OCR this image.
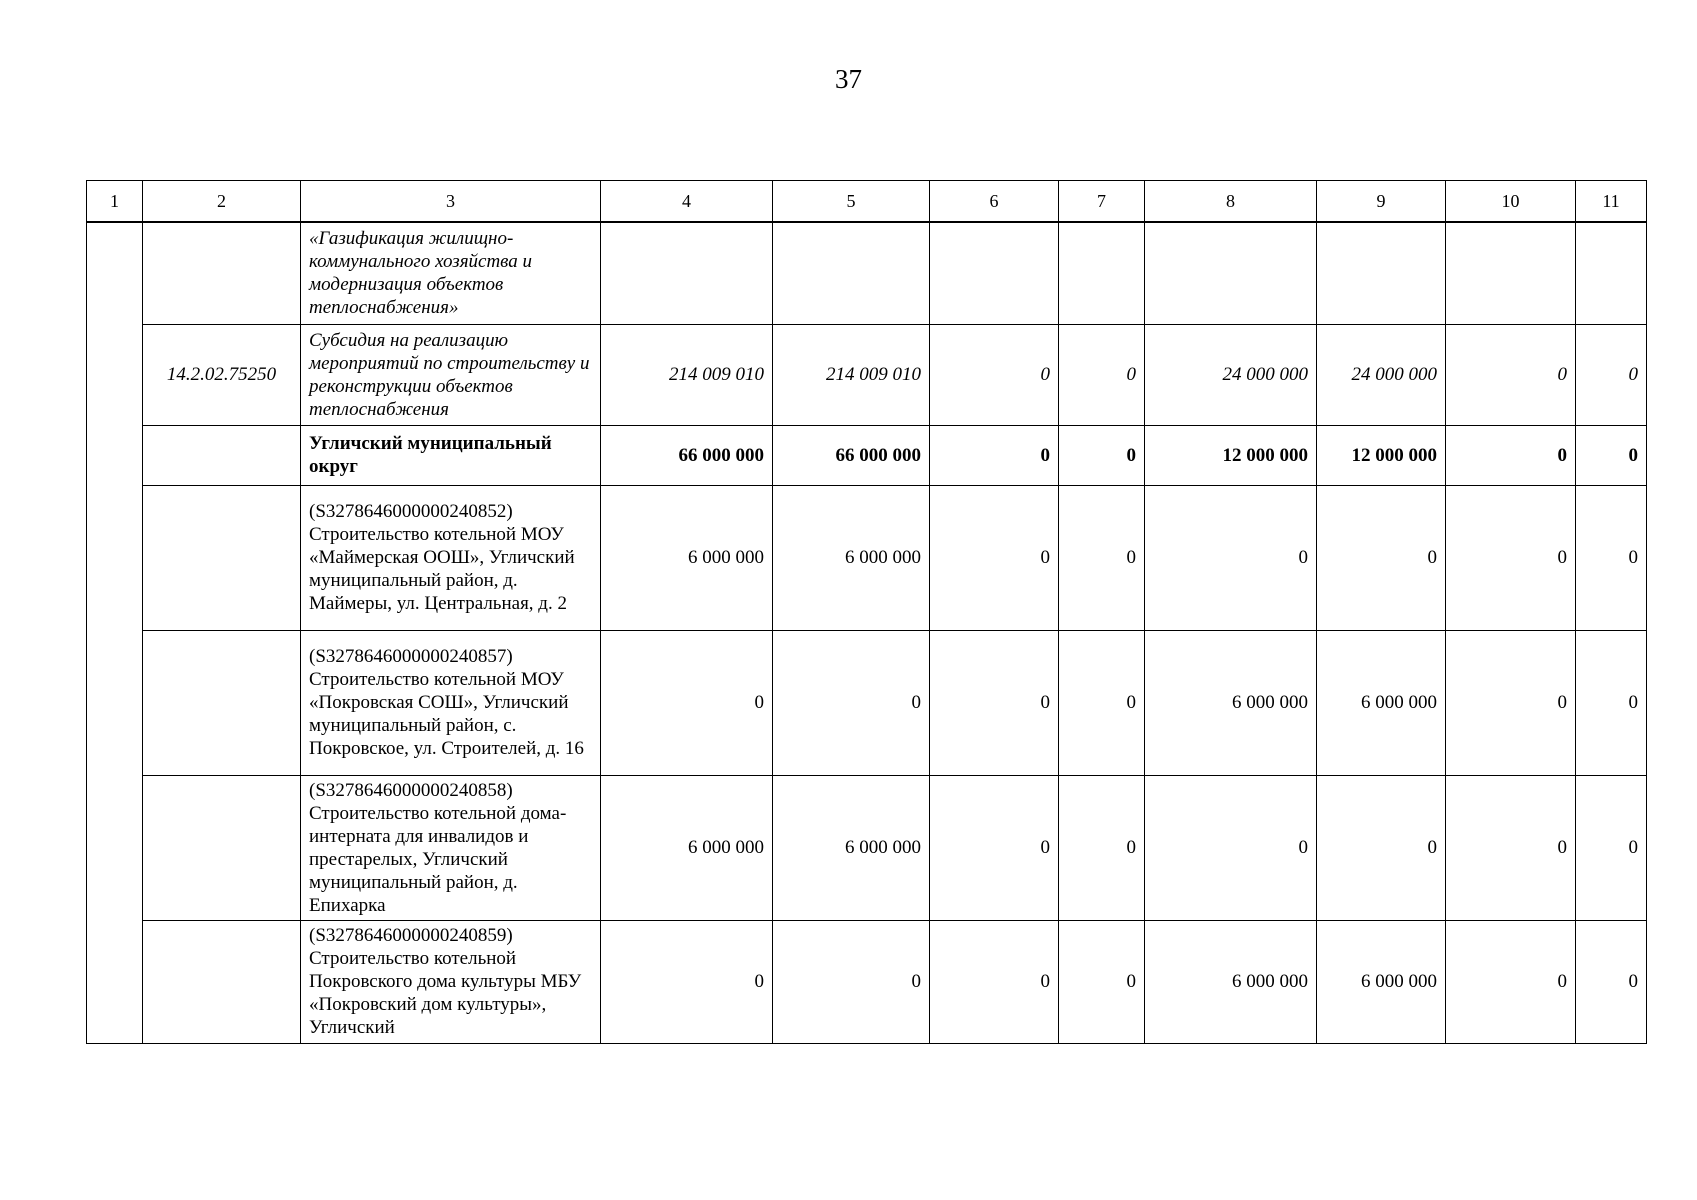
37
1	2	3	4	5	6	7	8	9	10	11
		«Газификация жилищно-коммунального хозяйства и модернизация объектов теплоснабжения»								
	14.2.02.75250	Субсидия на реализацию мероприятий по строительству и реконструкции объектов теплоснабжения	214 009 010	214 009 010	0	0	24 000 000	24 000 000	0	0
		Угличский муниципальный округ	66 000 000	66 000 000	0	0	12 000 000	12 000 000	0	0
		(S3278646000000240852) Строительство котельной МОУ «Маймерская ООШ», Угличский муниципальный район, д. Маймеры, ул. Центральная, д. 2	6 000 000	6 000 000	0	0	0	0	0	0
		(S3278646000000240857) Строительство котельной МОУ «Покровская СОШ», Угличский муниципальный район, с. Покровское, ул. Строителей, д. 16	0	0	0	0	6 000 000	6 000 000	0	0
		(S3278646000000240858) Строительство котельной дома-интерната для инвалидов и престарелых, Угличский муниципальный район, д. Епихарка	6 000 000	6 000 000	0	0	0	0	0	0
		(S3278646000000240859) Строительство котельной Покровского дома культуры МБУ «Покровский дом культуры», Угличский	0	0	0	0	6 000 000	6 000 000	0	0
